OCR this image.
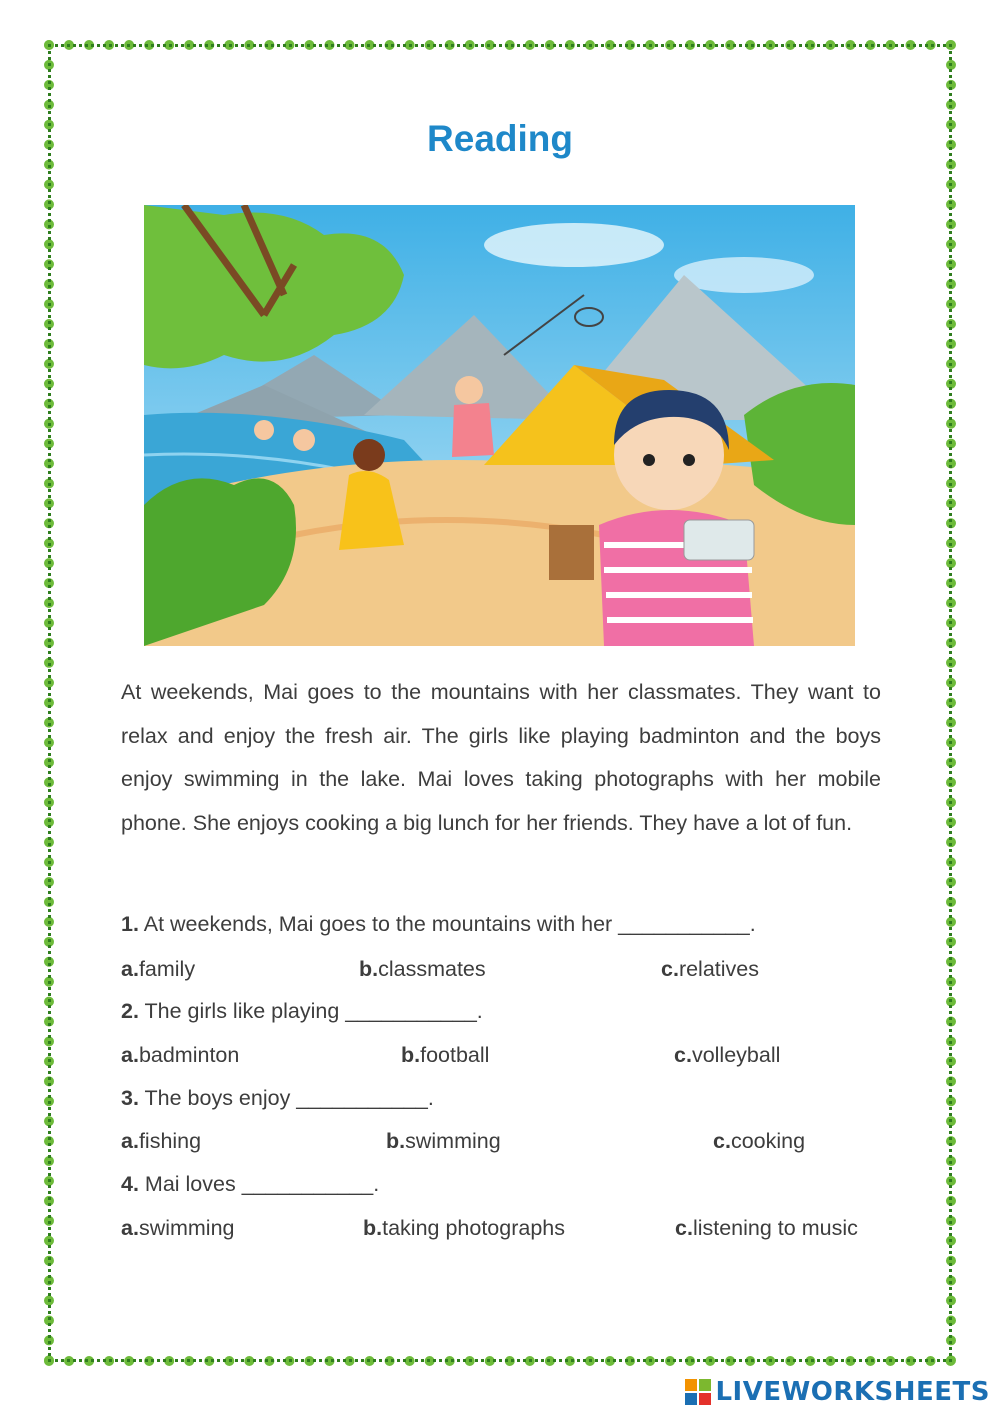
Reading

At weekends, Mai goes to the mountains with her classmates. They want to relax and enjoy the fresh air. The girls like playing badminton and the boys enjoy swimming in the lake. Mai loves taking photographs with her mobile phone. She enjoys cooking a big lunch for her friends. They have a lot of fun.

1. At weekends, Mai goes to the mountains with her ___________.
a.family	b.classmates	c.relatives
2. The girls like playing ___________.
a.badminton	b.football	c.volleyball
3. The boys enjoy ___________.
a.fishing	b.swimming	c.cooking
4. Mai loves ___________.
a.swimming	b.taking photographs	c.listening to music
LIVEWORKSHEETS
